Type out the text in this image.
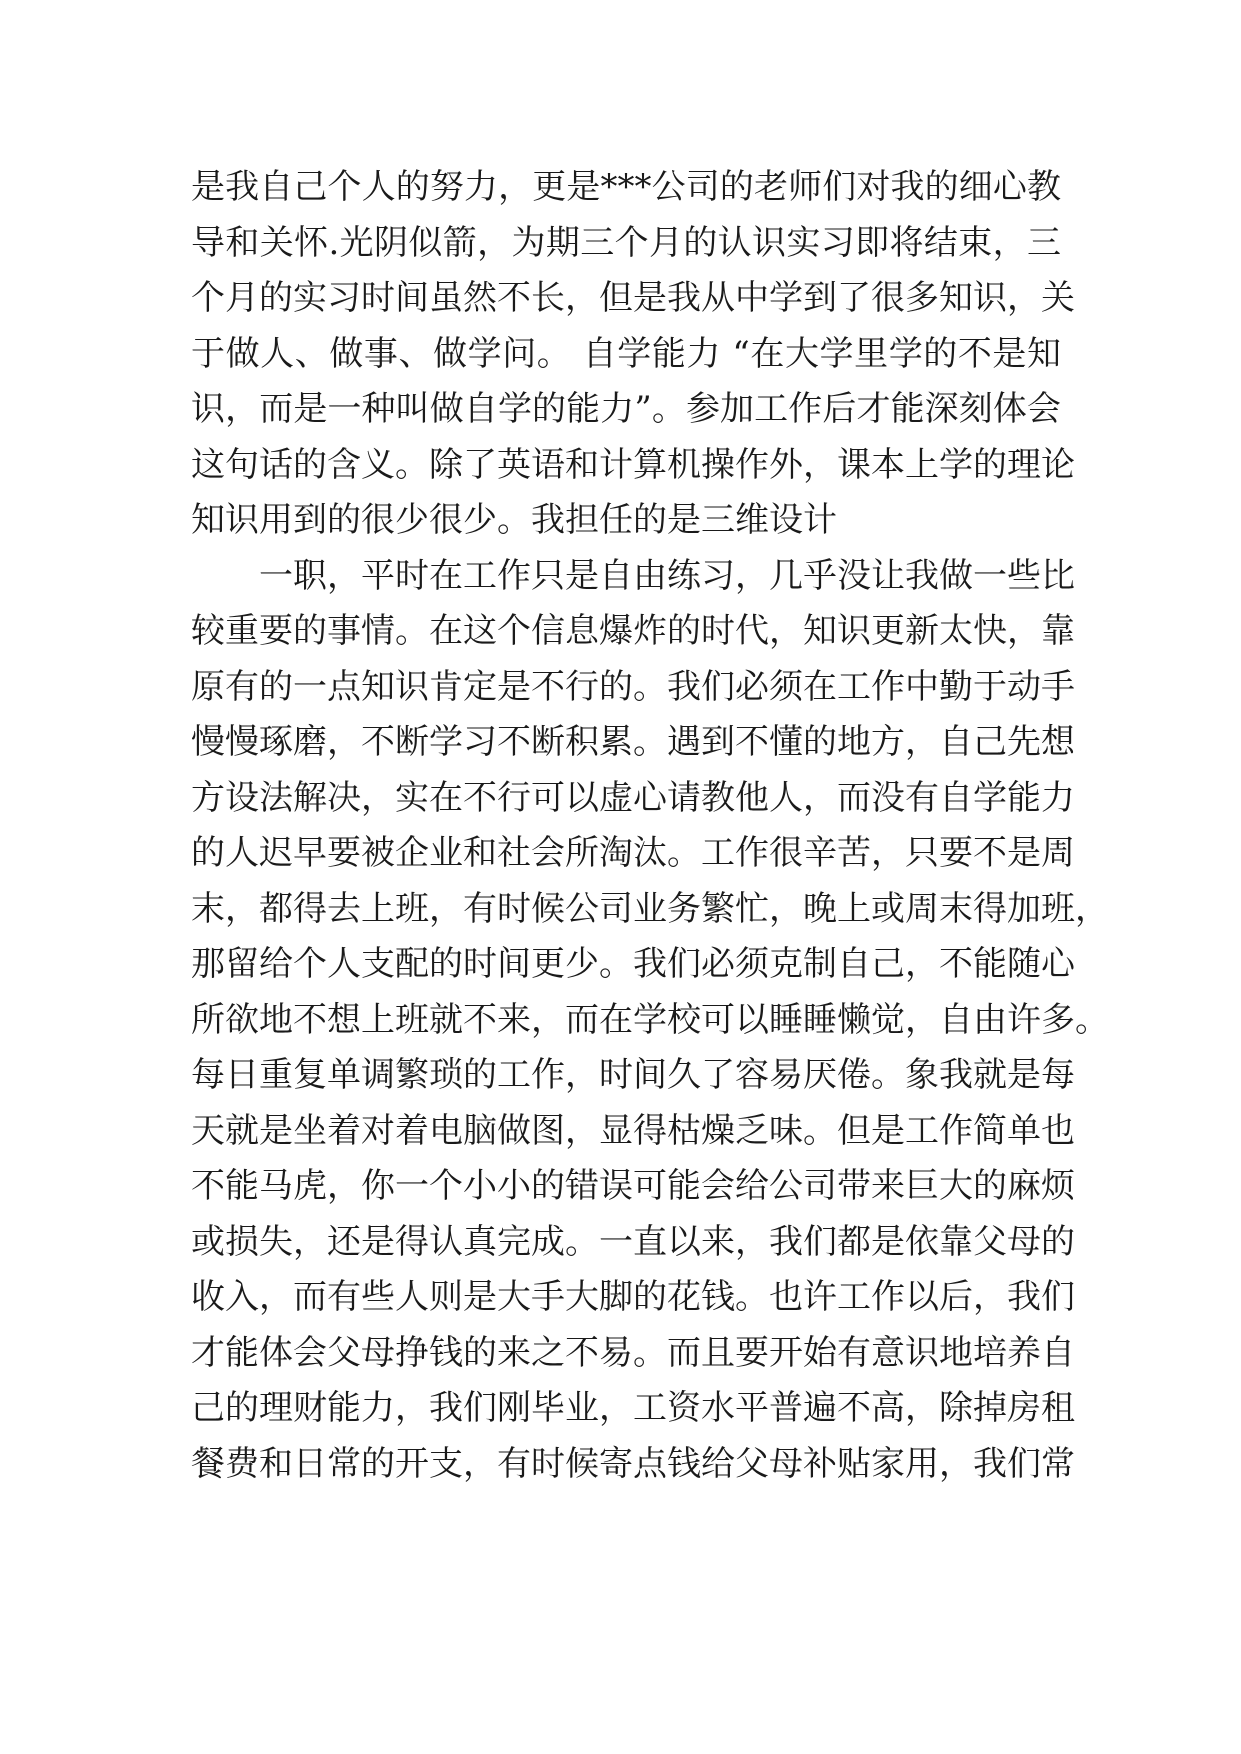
是我自己个人的努力，更是***公司的老师们对我的细心教
导和关怀.光阴似箭，为期三个月的认识实习即将结束，三
个月的实习时间虽然不长，但是我从中学到了很多知识，关
于做人、做事、做学问。 自学能力 “在大学里学的不是知
识，而是一种叫做自学的能力”。参加工作后才能深刻体会
这句话的含义。除了英语和计算机操作外，课本上学的理论
知识用到的很少很少。我担任的是三维设计
一职，平时在工作只是自由练习，几乎没让我做一些比
较重要的事情。在这个信息爆炸的时代，知识更新太快，靠
原有的一点知识肯定是不行的。我们必须在工作中勤于动手
慢慢琢磨，不断学习不断积累。遇到不懂的地方，自己先想
方设法解决，实在不行可以虚心请教他人，而没有自学能力
的人迟早要被企业和社会所淘汰。工作很辛苦，只要不是周
末，都得去上班，有时候公司业务繁忙，晚上或周末得加班，
那留给个人支配的时间更少。我们必须克制自己，不能随心
所欲地不想上班就不来，而在学校可以睡睡懒觉，自由许多。
每日重复单调繁琐的工作，时间久了容易厌倦。象我就是每
天就是坐着对着电脑做图，显得枯燥乏味。但是工作简单也
不能马虎，你一个小小的错误可能会给公司带来巨大的麻烦
或损失，还是得认真完成。一直以来，我们都是依靠父母的
收入，而有些人则是大手大脚的花钱。也许工作以后，我们
才能体会父母挣钱的来之不易。而且要开始有意识地培养自
己的理财能力，我们刚毕业，工资水平普遍不高，除掉房租
餐费和日常的开支，有时候寄点钱给父母补贴家用，我们常
